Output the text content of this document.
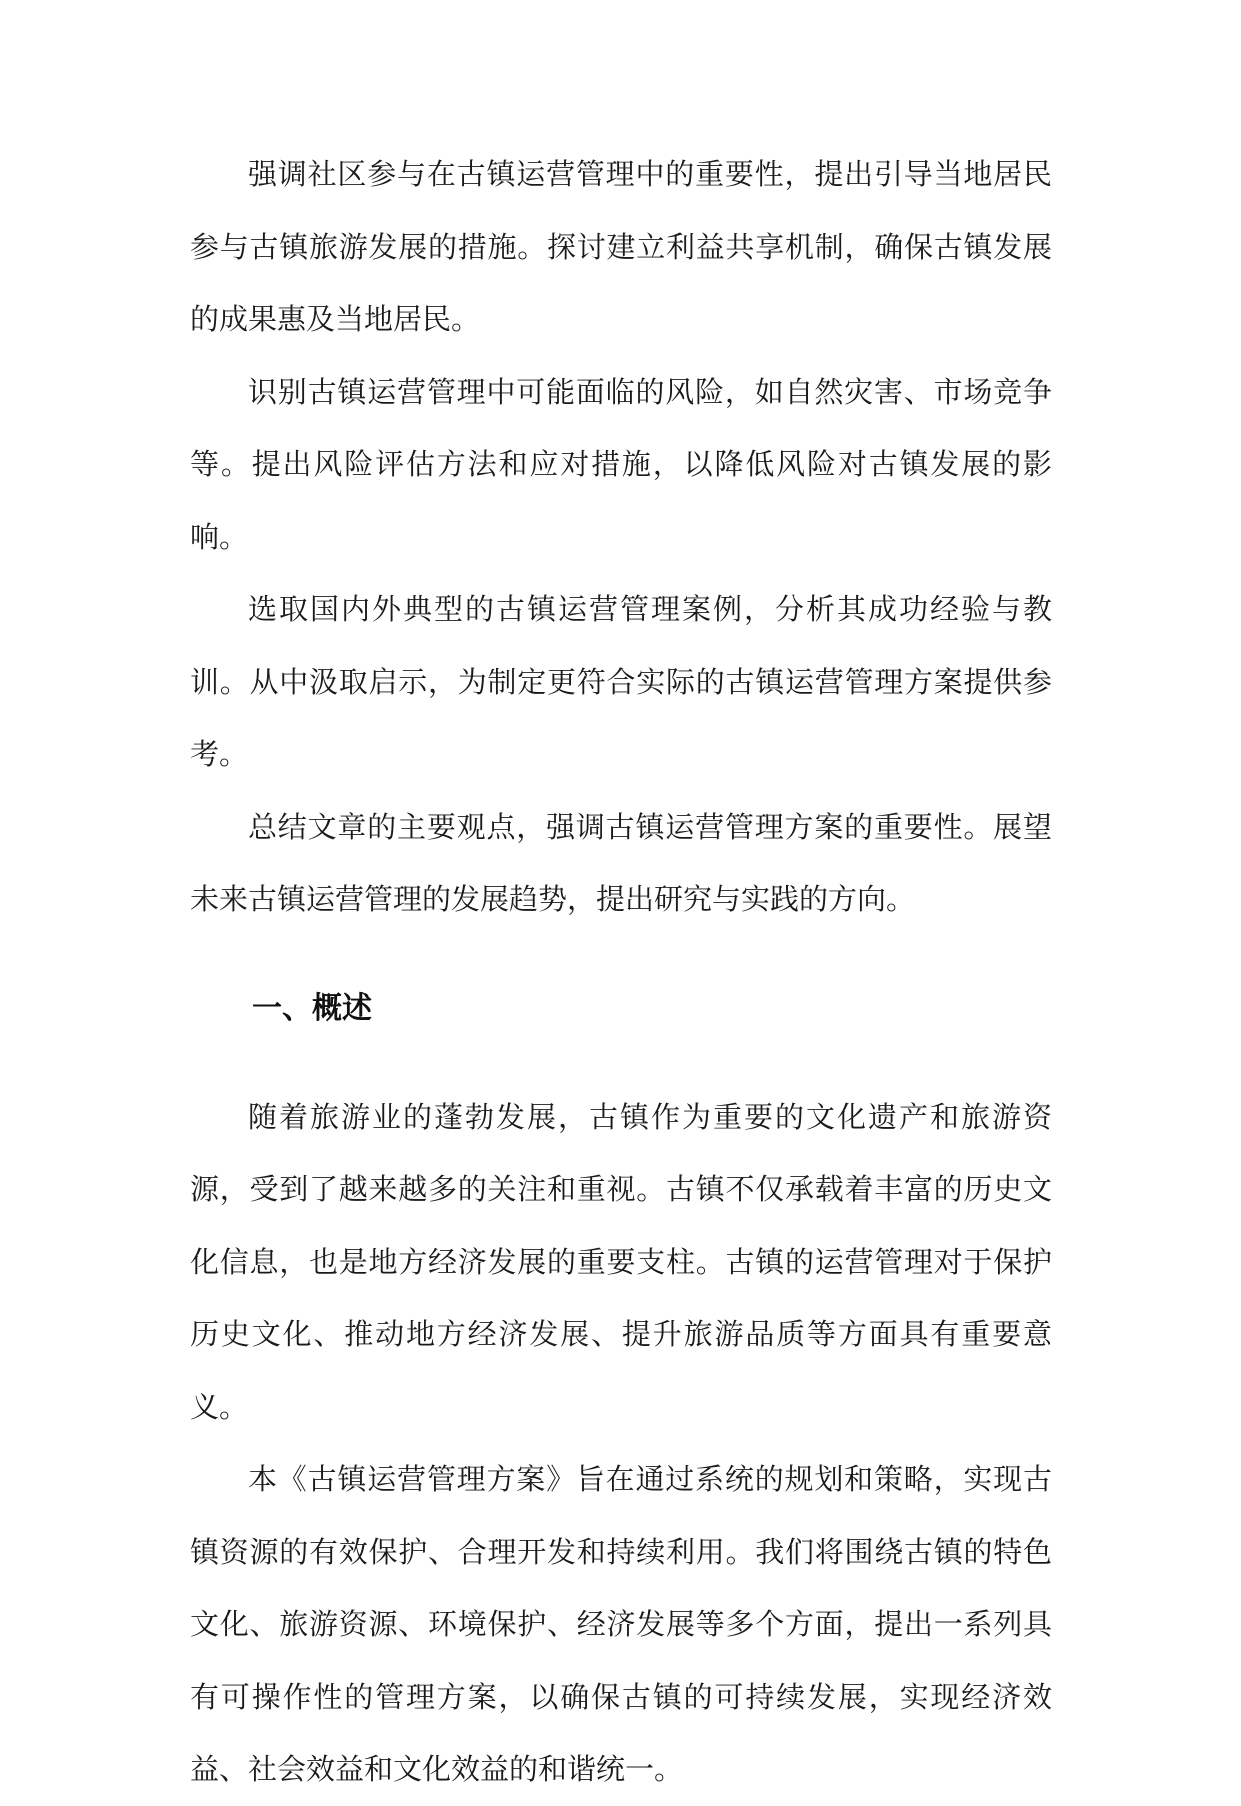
强调社区参与在古镇运营管理中的重要性，提出引导当地居民参与古镇旅游发展的措施。探讨建立利益共享机制，确保古镇发展的成果惠及当地居民。

识别古镇运营管理中可能面临的风险，如自然灾害、市场竞争等。提出风险评估方法和应对措施，以降低风险对古镇发展的影响。

选取国内外典型的古镇运营管理案例，分析其成功经验与教训。从中汲取启示，为制定更符合实际的古镇运营管理方案提供参考。

总结文章的主要观点，强调古镇运营管理方案的重要性。展望未来古镇运营管理的发展趋势，提出研究与实践的方向。

一、概述

随着旅游业的蓬勃发展，古镇作为重要的文化遗产和旅游资源，受到了越来越多的关注和重视。古镇不仅承载着丰富的历史文化信息，也是地方经济发展的重要支柱。古镇的运营管理对于保护历史文化、推动地方经济发展、提升旅游品质等方面具有重要意义。

本《古镇运营管理方案》旨在通过系统的规划和策略，实现古镇资源的有效保护、合理开发和持续利用。我们将围绕古镇的特色文化、旅游资源、环境保护、经济发展等多个方面，提出一系列具有可操作性的管理方案，以确保古镇的可持续发展，实现经济效益、社会效益和文化效益的和谐统一。
